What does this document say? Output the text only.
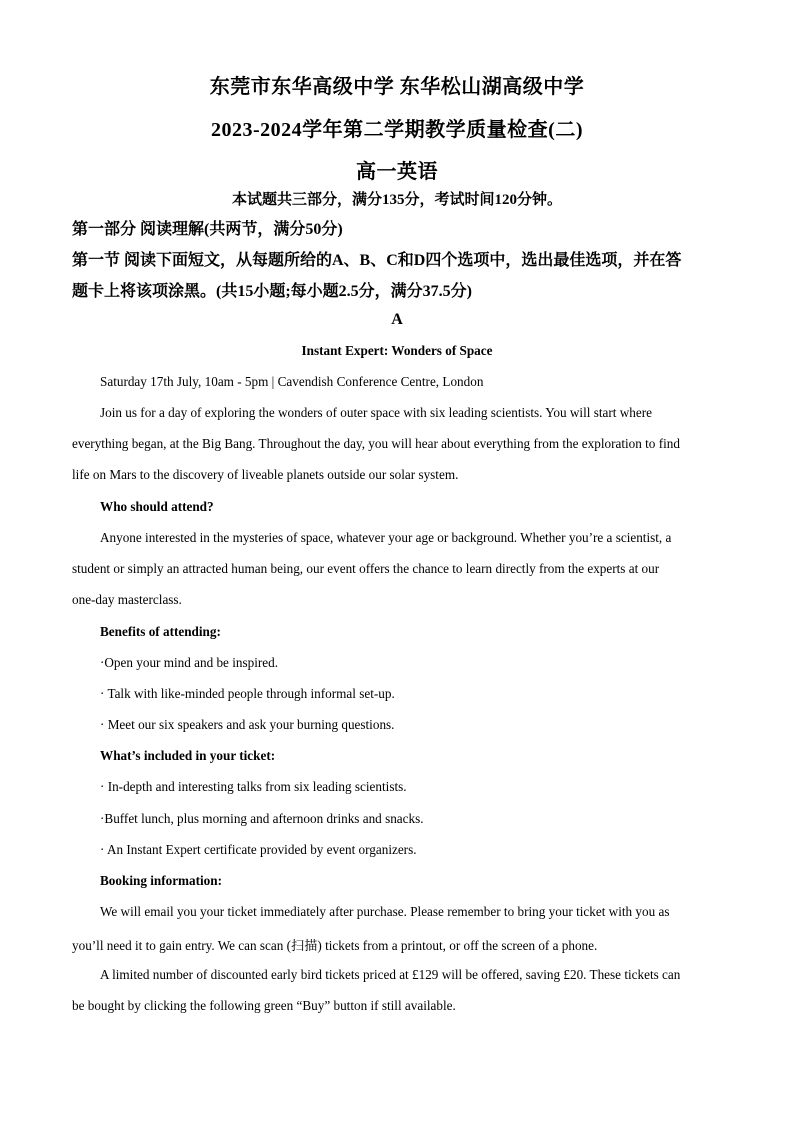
东莞市东华高级中学 东华松山湖高级中学
2023-2024学年第二学期教学质量检查(二)
高一英语
本试题共三部分，满分135分，考试时间120分钟。
第一部分 阅读理解(共两节，满分50分)
第一节 阅读下面短文，从每题所给的A、B、C和D四个选项中，选出最佳选项，并在答
题卡上将该项涂黑。(共15小题;每小题2.5分，满分37.5分)
A
Instant Expert: Wonders of Space
Saturday 17th July, 10am - 5pm | Cavendish Conference Centre, London
Join us for a day of exploring the wonders of outer space with six leading scientists. You will start where
everything began, at the Big Bang. Throughout the day, you will hear about everything from the exploration to find
life on Mars to the discovery of liveable planets outside our solar system.
Who should attend?
Anyone interested in the mysteries of space, whatever your age or background. Whether you’re a scientist, a
student or simply an attracted human being, our event offers the chance to learn directly from the experts at our
one-day masterclass.
Benefits of attending:
·Open your mind and be inspired.
· Talk with like-minded people through informal set-up.
· Meet our six speakers and ask your burning questions.
What’s included in your ticket:
· In-depth and interesting talks from six leading scientists.
·Buffet lunch, plus morning and afternoon drinks and snacks.
· An Instant Expert certificate provided by event organizers.
Booking information:
We will email you your ticket immediately after purchase. Please remember to bring your ticket with you as
you’ll need it to gain entry. We can scan (扫描) tickets from a printout, or off the screen of a phone.
A limited number of discounted early bird tickets priced at £129 will be offered, saving £20. These tickets can
be bought by clicking the following green “Buy” button if still available.
